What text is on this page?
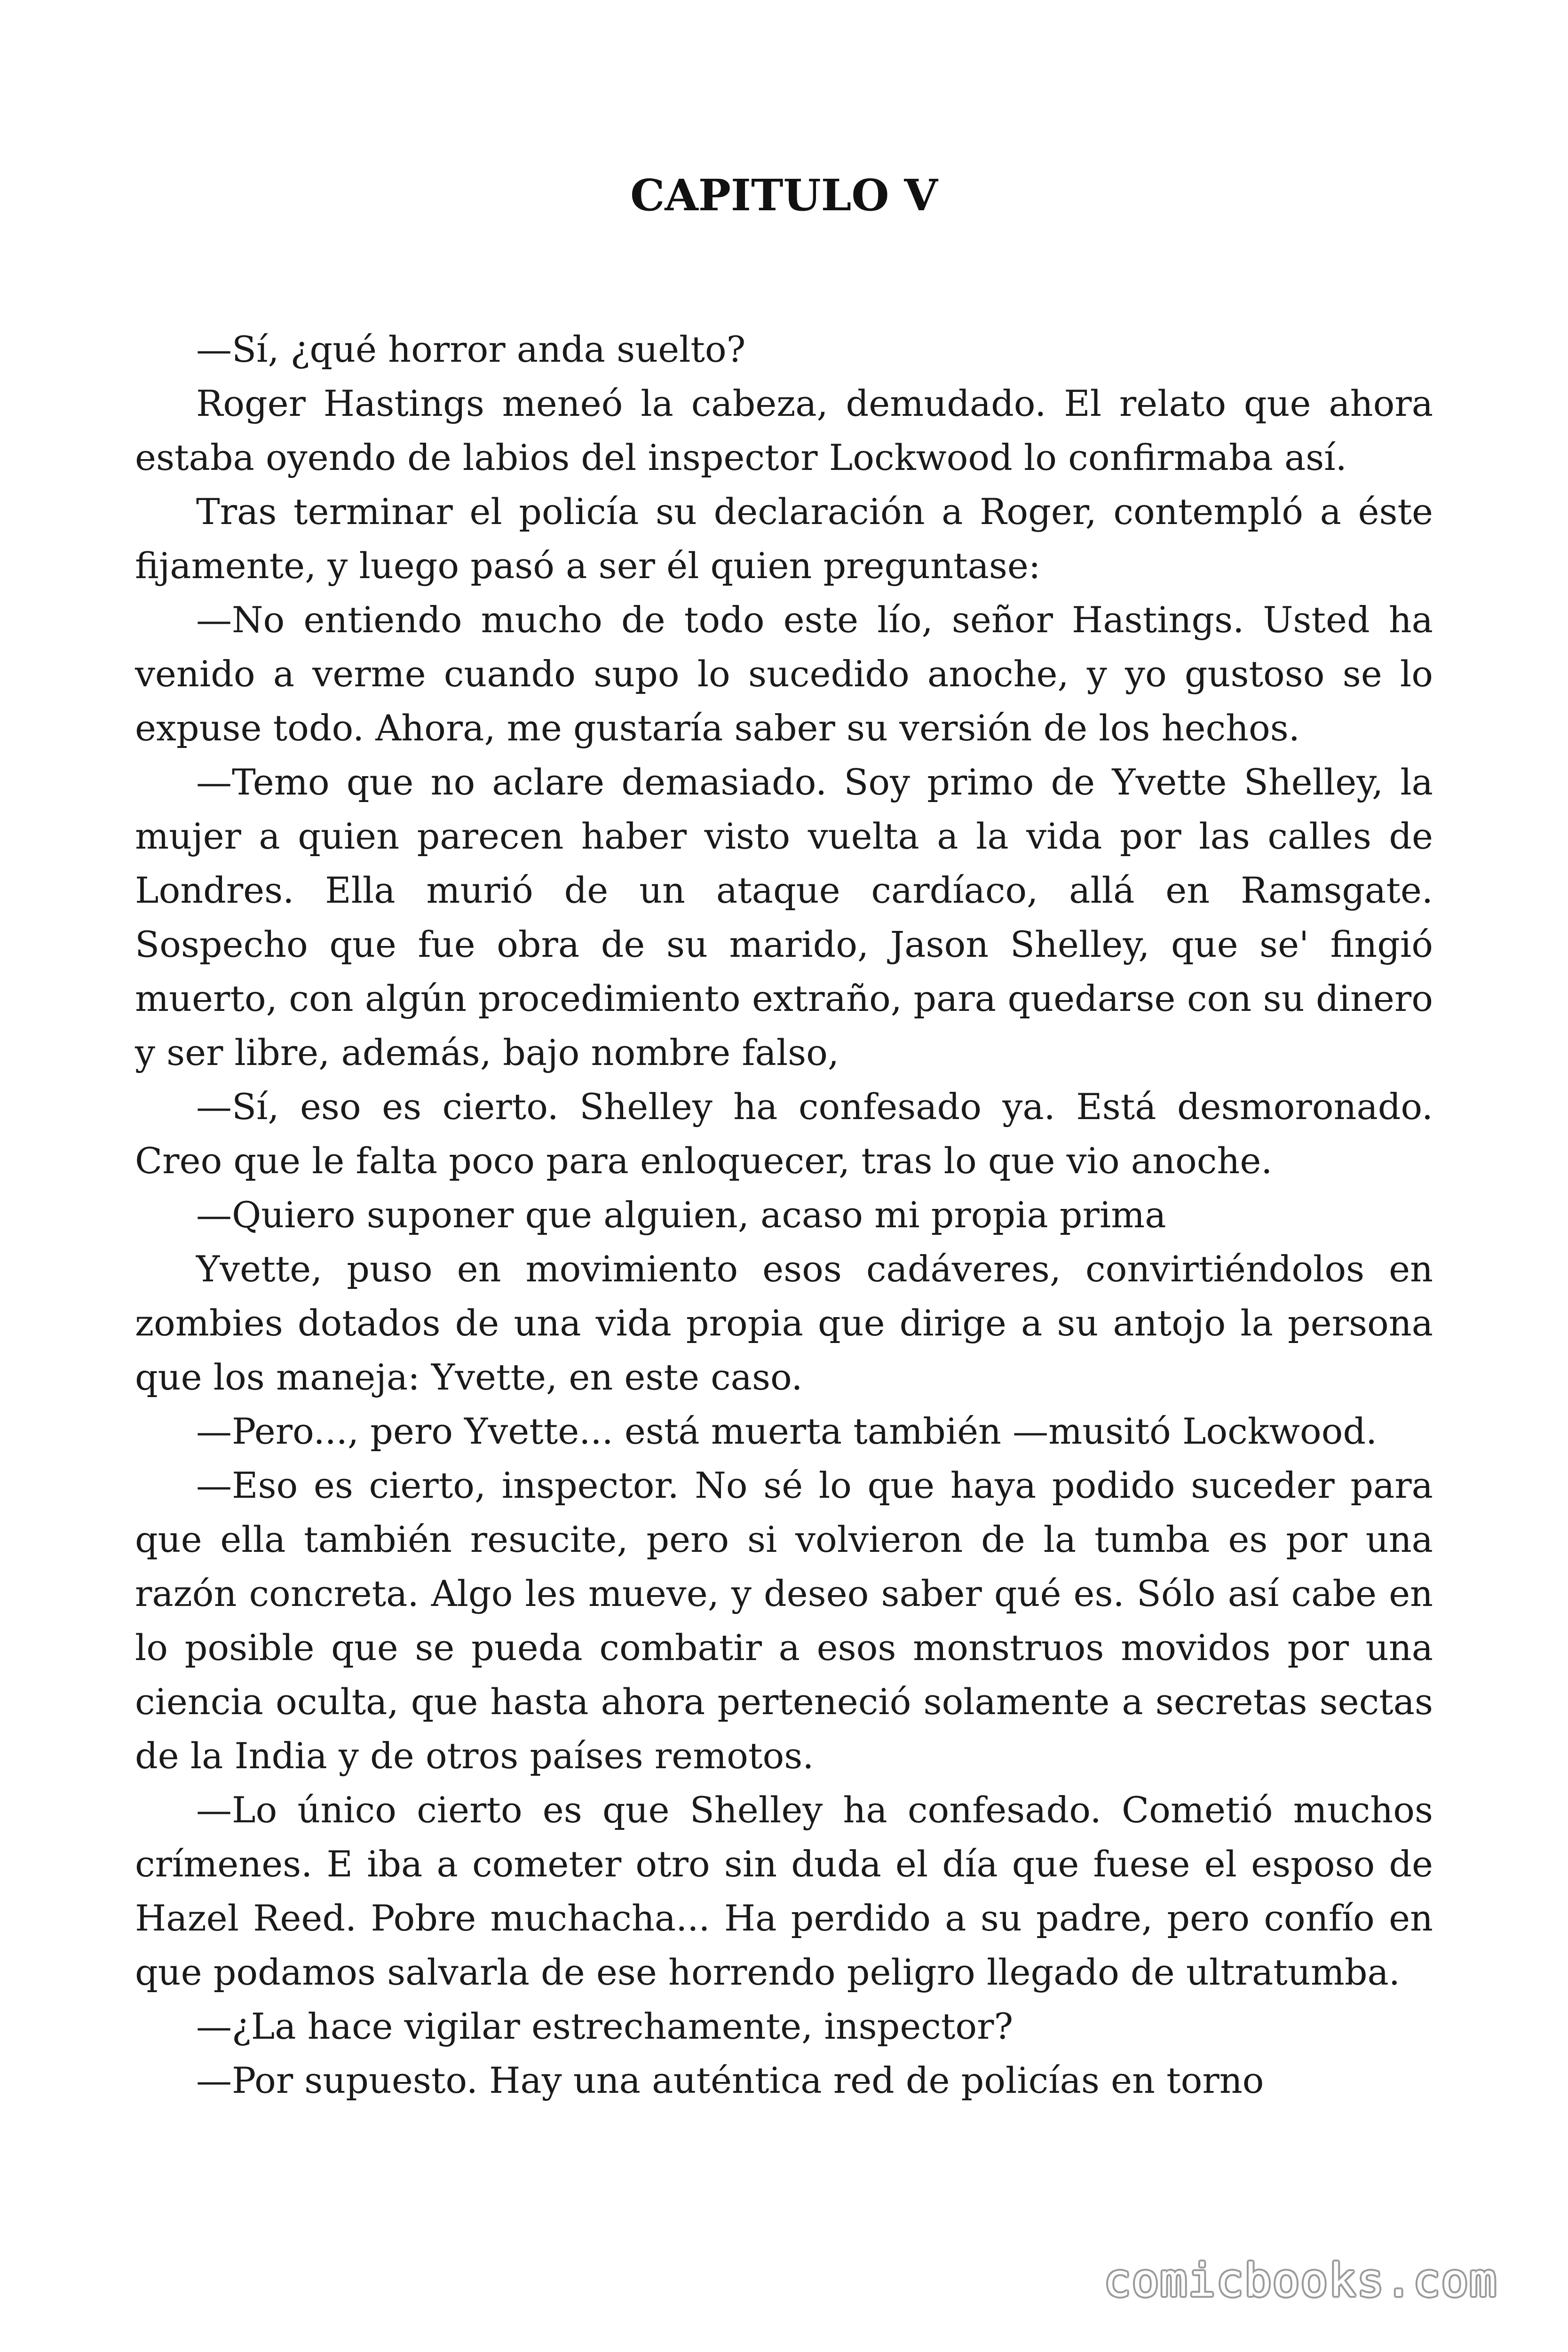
CAPITULO V

—Sí, ¿qué horror anda suelto?

Roger Hastings meneó la cabeza, demudado. El relato que ahora estaba oyendo de labios del inspector Lockwood lo confirmaba así.

Tras terminar el policía su declaración a Roger, contempló a éste fijamente, y luego pasó a ser él quien preguntase:

—No entiendo mucho de todo este lío, señor Hastings. Usted ha venido a verme cuando supo lo sucedido anoche, y yo gustoso se lo expuse todo. Ahora, me gustaría saber su versión de los hechos.

—Temo que no aclare demasiado. Soy primo de Yvette Shelley, la mujer a quien parecen haber visto vuelta a la vida por las calles de Londres. Ella murió de un ataque cardíaco, allá en Ramsgate. Sospecho que fue obra de su marido, Jason Shelley, que se' fingió muerto, con algún procedimiento extraño, para quedarse con su dinero y ser libre, además, bajo nombre falso,

—Sí, eso es cierto. Shelley ha confesado ya. Está desmoronado. Creo que le falta poco para enloquecer, tras lo que vio anoche.

—Quiero suponer que alguien, acaso mi propia prima

Yvette, puso en movimiento esos cadáveres, convirtiéndolos en zombies dotados de una vida propia que dirige a su antojo la persona que los maneja: Yvette, en este caso.

—Pero..., pero Yvette... está muerta también —musitó Lockwood.

—Eso es cierto, inspector. No sé lo que haya podido suceder para que ella también resucite, pero si volvieron de la tumba es por una razón concreta. Algo les mueve, y deseo saber qué es. Sólo así cabe en lo posible que se pueda combatir a esos monstruos movidos por una ciencia oculta, que hasta ahora perteneció solamente a secretas sectas de la India y de otros países remotos.

—Lo único cierto es que Shelley ha confesado. Cometió muchos crímenes. E iba a cometer otro sin duda el día que fuese el esposo de Hazel Reed. Pobre muchacha... Ha perdido a su padre, pero confío en que podamos salvarla de ese horrendo peligro llegado de ultratumba.

—¿La hace vigilar estrechamente, inspector?

—Por supuesto. Hay una auténtica red de policías en torno

comicbooks.com
